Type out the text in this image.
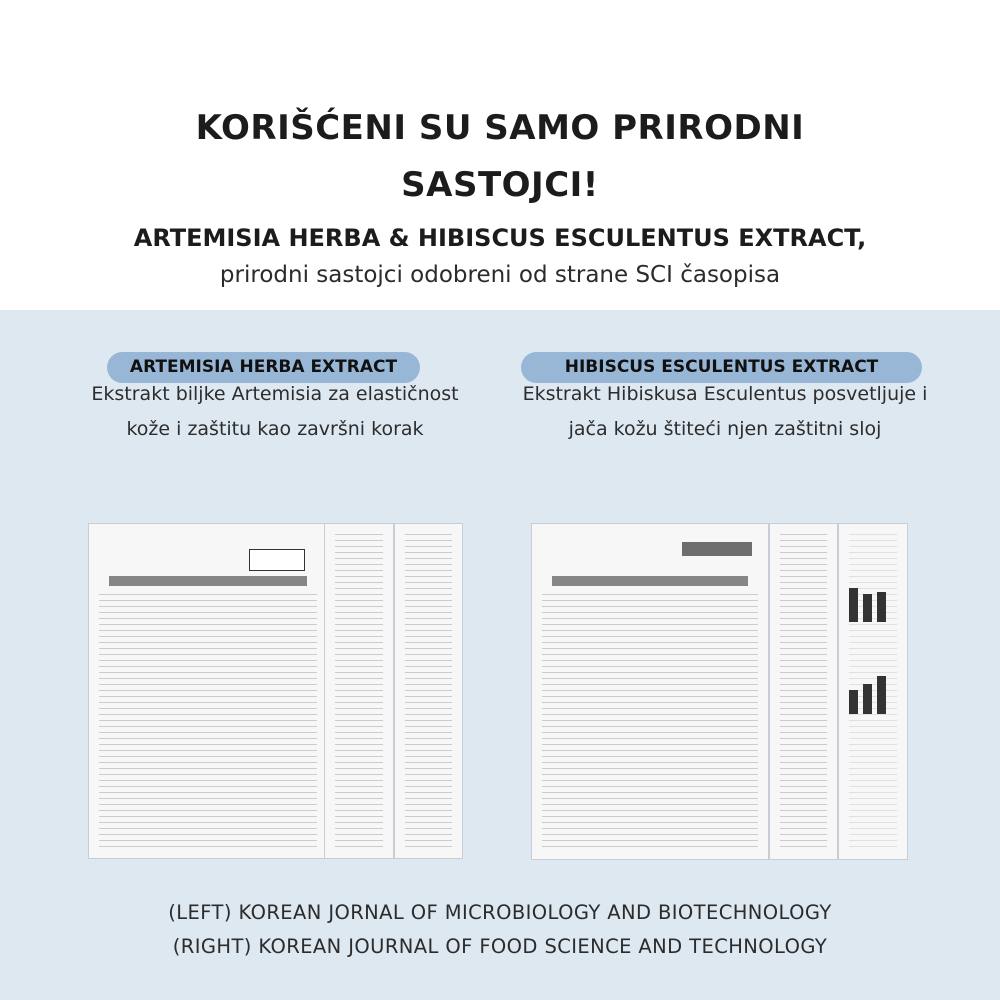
KORIŠĆENI SU SAMO PRIRODNI
SASTOJCI!
ARTEMISIA HERBA & HIBISCUS ESCULENTUS EXTRACT,
prirodni sastojci odobreni od strane SCI časopisa
ARTEMISIA HERBA EXTRACT
Ekstrakt biljke Artemisia za elastičnost
kože i zaštitu kao završni korak
HIBISCUS ESCULENTUS EXTRACT
Ekstrakt Hibiskusa Esculentus posvetljuje i
jača kožu štiteći njen zaštitni sloj
(LEFT) KOREAN JORNAL OF MICROBIOLOGY AND BIOTECHNOLOGY
(RIGHT) KOREAN JOURNAL OF FOOD SCIENCE AND TECHNOLOGY
